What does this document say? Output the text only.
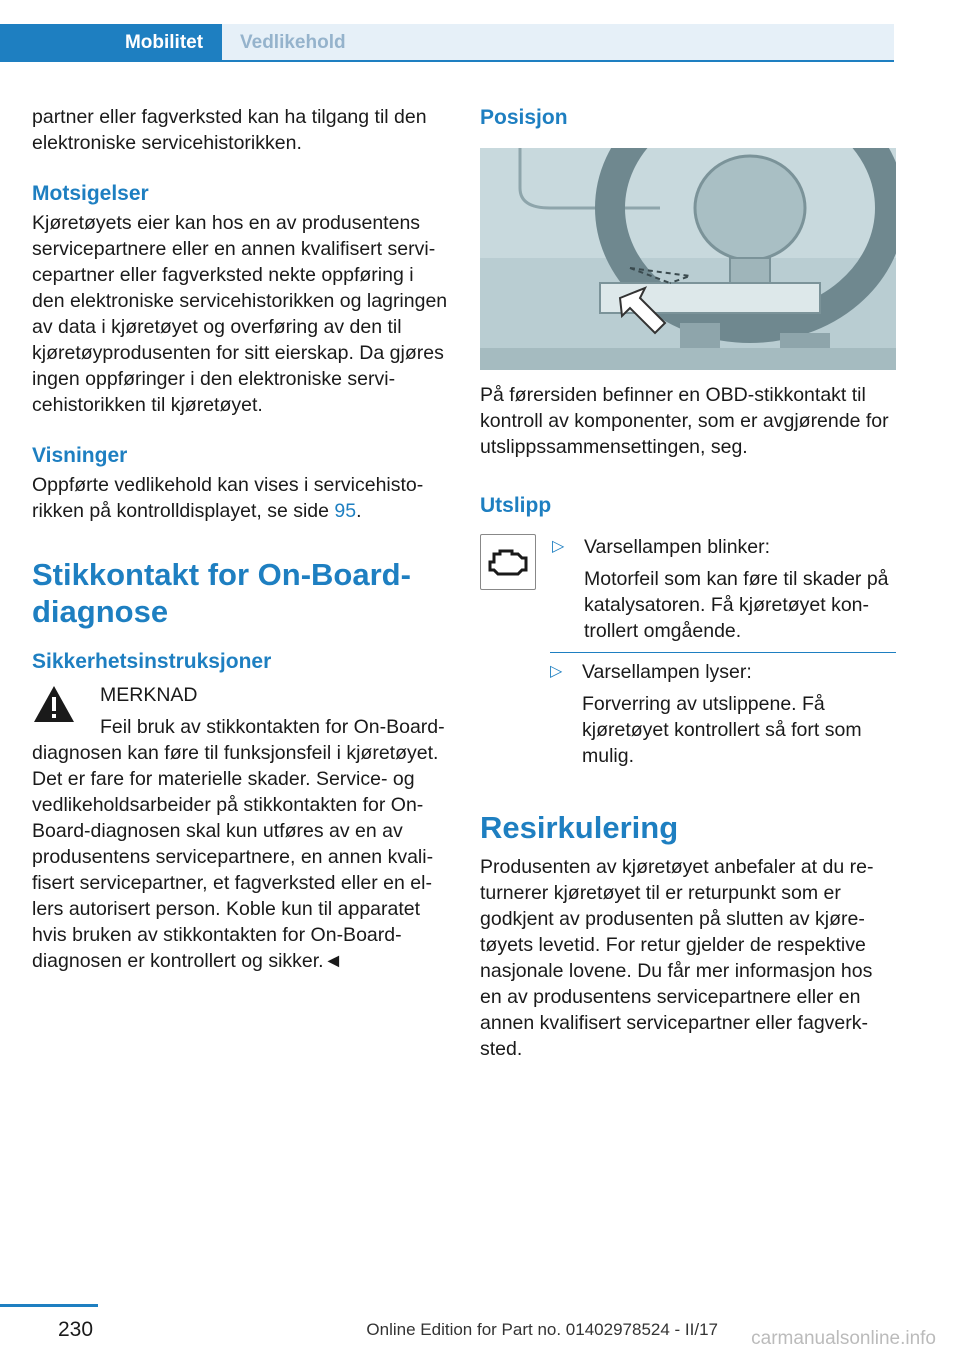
Mobilitet Vedlikehold

partner eller fagverksted kan ha tilgang til den elektroniske servicehistorikken.

Motsigelser

Kjøretøyets eier kan hos en av produsentens servicepartnere eller en annen kvalifisert servicepartner eller fagverksted nekte oppføring i den elektroniske servicehistorikken og lagringen av data i kjøretøyet og overføring av den til kjøretøyprodusenten for sitt eierskap. Da gjøres ingen oppføringer i den elektroniske servicehistorikken til kjøretøyet.

Visninger

Oppførte vedlikehold kan vises i servicehistorikken på kontrolldisplayet, se side 95.

Stikkontakt for On-Board-diagnose
Sikkerhetsinstruksjoner

MERKNAD

Feil bruk av stikkontakten for On-Board-

diagnosen kan føre til funksjonsfeil i kjøretøyet. Det er fare for materielle skader. Service- og vedlikeholdsarbeider på stikkontakten for On-Board-diagnosen skal kun utføres av en av produsentens servicepartnere, en annen kvalifisert servicepartner, et fagverksted eller en ellers autorisert person. Koble kun til apparatet hvis bruken av stikkontakten for On-Board-diagnosen er kontrollert og sikker.◄

Posisjon

På førersiden befinner en OBD-stikkontakt til kontroll av komponenter, som er avgjørende for utslippssammensettingen, seg.

Utslipp
▷	Varsellampen blinker:

Motorfeil som kan føre til skader på katalysatoren. Få kjøretøyet kontrollert omgående.

▷	Varsellampen lyser:

Forverring av utslippene. Få kjøretøyet kontrollert så fort som mulig.

Resirkulering

Produsenten av kjøretøyet anbefaler at du returnerer kjøretøyet til er returpunkt som er godkjent av produsenten på slutten av kjøretøyets levetid. For retur gjelder de respektive nasjonale lovene. Du får mer informasjon hos en av produsentens servicepartnere eller en annen kvalifisert servicepartner eller fagverksted.

230	Online Edition for Part no. 01402978524 - II/17 carmanualsonline.info
